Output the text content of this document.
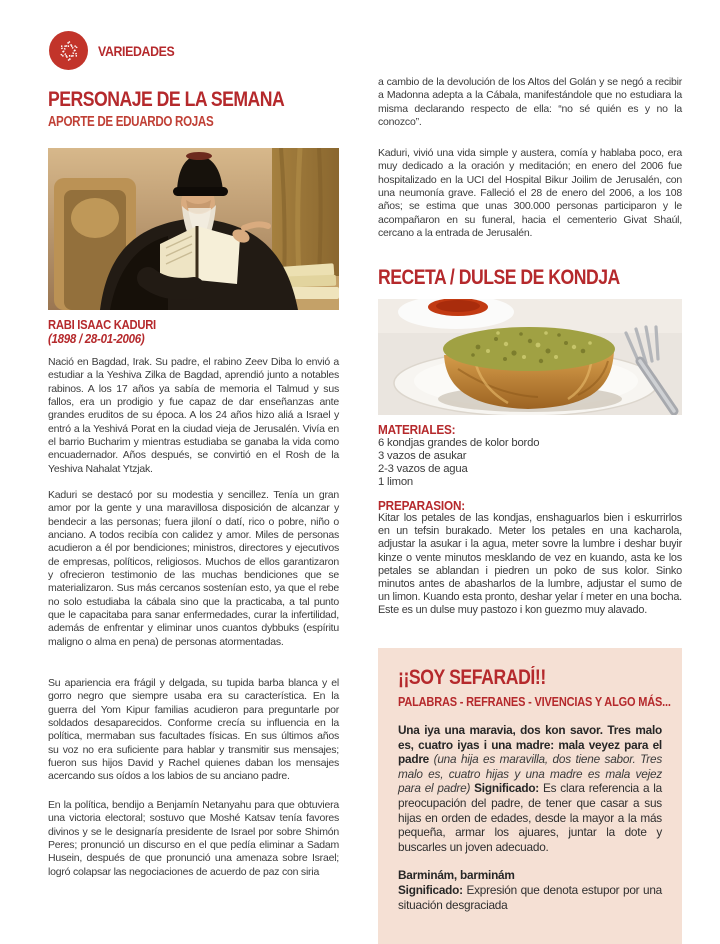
VARIEDADES
PERSONAJE DE LA SEMANA
APORTE DE EDUARDO ROJAS
RABI ISAAC KADURI
(1898 / 28-01-2006)

Nació en Bagdad, Irak. Su padre, el rabino Zeev Diba lo envió a estudiar a la Yeshiva Zilka de Bagdad, aprendió junto a notables rabinos. A los 17 años ya sabía de memoria el Talmud y sus fallos, era un prodigio y fue capaz de dar enseñanzas ante grandes eruditos de su época. A los 24 años hizo aliá a Israel y entró a la Yeshivá Porat en la ciudad vieja de Jerusalén. Vivía en el barrio Bucharim y mientras estudiaba se ganaba la vida como encuadernador. Años después, se convirtió en el Rosh de la Yeshiva Nahalat Ytzjak.

Kaduri se destacó por su modestia y sencillez. Tenía un gran amor por la gente y una maravillosa disposición de alcanzar y bendecir a las personas; fuera jiloní o datí, rico o pobre, niño o anciano. A todos recibía con calidez y amor. Miles de personas acudieron a él por bendiciones; ministros, directores y ejecutivos de empresas, políticos, religiosos. Muchos de ellos garantizaron y ofrecieron testimonio de las muchas bendiciones que se materializaron. Sus más cercanos sostenían esto, ya que el rebe no solo estudiaba la cábala sino que la practicaba, a tal punto que le capacitaba para sanar enfermedades, curar la infertilidad, además de enfrentar y eliminar unos cuantos dybbuks (espíritu maligno o alma en pena) de personas atormentadas.

Su apariencia era frágil y delgada, su tupida barba blanca y el gorro negro que siempre usaba era su característica. En la guerra del Yom Kipur familias acudieron para preguntarle por soldados desaparecidos. Conforme crecía su influencia en la política, mermaban sus facultades físicas. En sus últimos años su voz no era suficiente para hablar y transmitir sus mensajes; fueron sus hijos David y Rachel quienes daban los mensajes acercando sus oídos a los labios de su anciano padre.

En la política, bendijo a Benjamín Netanyahu para que obtuviera una victoria electoral; sostuvo que Moshé Katsav tenía favores divinos y se le designaría presidente de Israel por sobre Shimón Peres; pronunció un discurso en el que pedía eliminar a Sadam Husein, después de que pronunció una amenaza sobre Israel; logró colapsar las negociaciones de acuerdo de paz con siria

a cambio de la devolución de los Altos del Golán y se negó a recibir a Madonna adepta a la Cábala, manifestándole que no estudiara la misma declarando respecto de ella: “no sé quién es y no la conozco”.

Kaduri, vivió una vida simple y austera, comía y hablaba poco, era muy dedicado a la oración y meditación; en enero del 2006 fue hospitalizado en la UCI del Hospital Bikur Joilim de Jerusalén, con una neumonía grave. Falleció el 28 de enero del 2006, a los 108 años; se estima que unas 300.000 personas participaron y le acompañaron en su funeral, hacia el cementerio Givat Shaúl, cercano a la entrada de Jerusalén.

RECETA / DULSE DE KONDJA
MATERIALES:
6 kondjas grandes de kolor bordo
3 vazos de asukar
2-3 vazos de agua
1 limon
PREPARASION:

Kitar los petales de las kondjas, enshaguarlos bien i eskurrirlos en un tefsin burakado. Meter los petales en una kacharola, adjustar la asukar i la agua, meter sovre la lumbre i deshar buyir kinze o vente minutos mesklando de vez en kuando, asta ke los petales se ablandan i piedren un poko de sus kolor. Sinko minutos antes de abasharlos de la lumbre, adjustar el sumo de un limon. Kuando esta pronto, deshar yelar í meter en una bocha. Este es un dulse muy pastozo i kon guezmo muy alavado.

¡¡SOY SEFARADÍ!!
PALABRAS - REFRANES - VIVENCIAS Y ALGO MÁS...

Una iya una maravia, dos kon savor. Tres malo es, cuatro iyas i una madre: mala veyez para el padre (una hija es maravilla, dos tiene sabor. Tres malo es, cuatro hijas y una madre es mala vejez para el padre) Significado: Es clara referencia a la preocupación del padre, de tener que casar a sus hijas en orden de edades, desde la mayor a la más pequeña, armar los ajuares, juntar la dote y buscarles un joven adecuado.

Barminám, barminám
Significado: Expresión que denota estupor por una situación desgraciada
